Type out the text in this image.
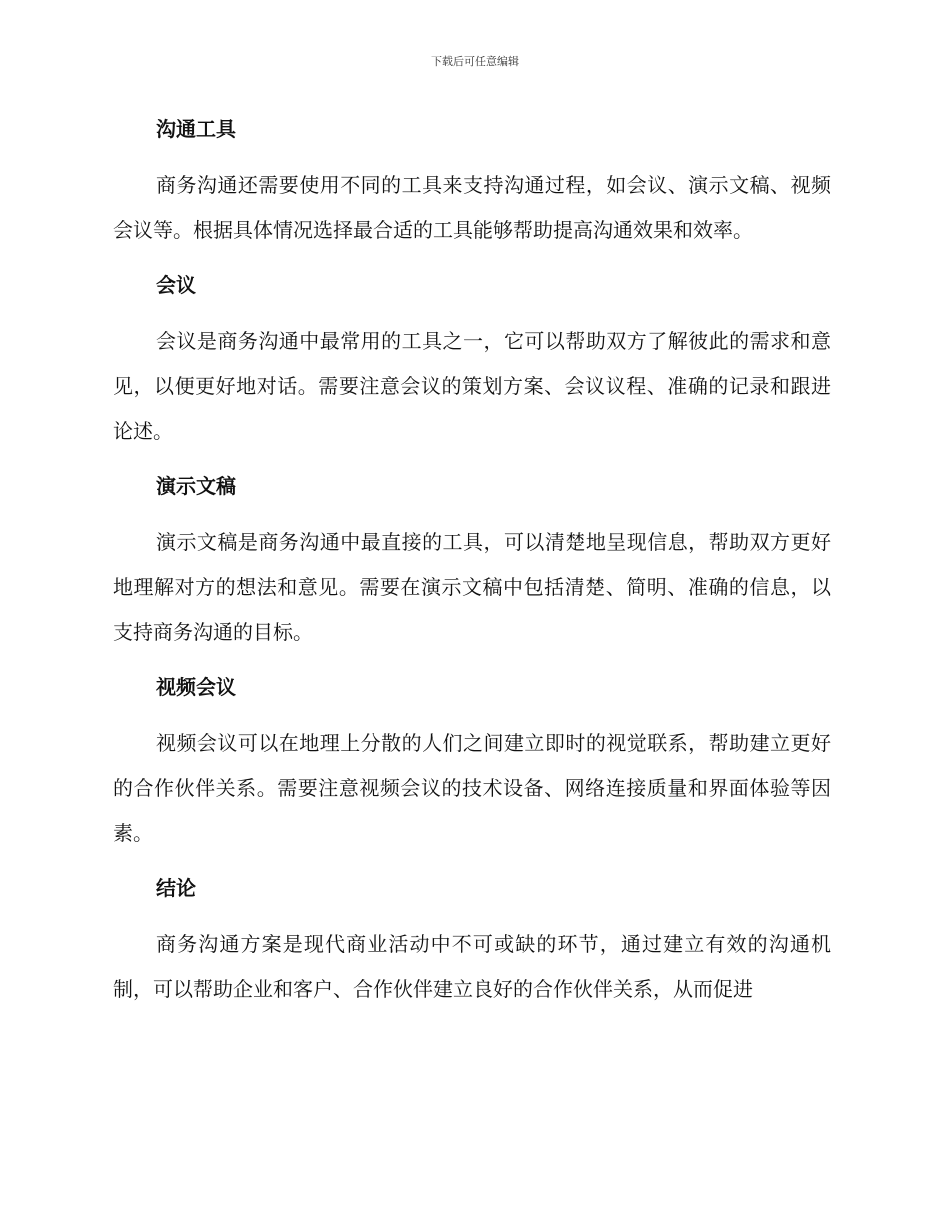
下载后可任意编辑
沟通工具

商务沟通还需要使用不同的工具来支持沟通过程，如会议、演示文稿、视频会议等。根据具体情况选择最合适的工具能够帮助提高沟通效果和效率。

会议

会议是商务沟通中最常用的工具之一，它可以帮助双方了解彼此的需求和意见，以便更好地对话。需要注意会议的策划方案、会议议程、准确的记录和跟进论述。

演示文稿

演示文稿是商务沟通中最直接的工具，可以清楚地呈现信息，帮助双方更好地理解对方的想法和意见。需要在演示文稿中包括清楚、简明、准确的信息，以支持商务沟通的目标。

视频会议

视频会议可以在地理上分散的人们之间建立即时的视觉联系，帮助建立更好的合作伙伴关系。需要注意视频会议的技术设备、网络连接质量和界面体验等因素。

结论

商务沟通方案是现代商业活动中不可或缺的环节，通过建立有效的沟通机制，可以帮助企业和客户、合作伙伴建立良好的合作伙伴关系，从而促进
